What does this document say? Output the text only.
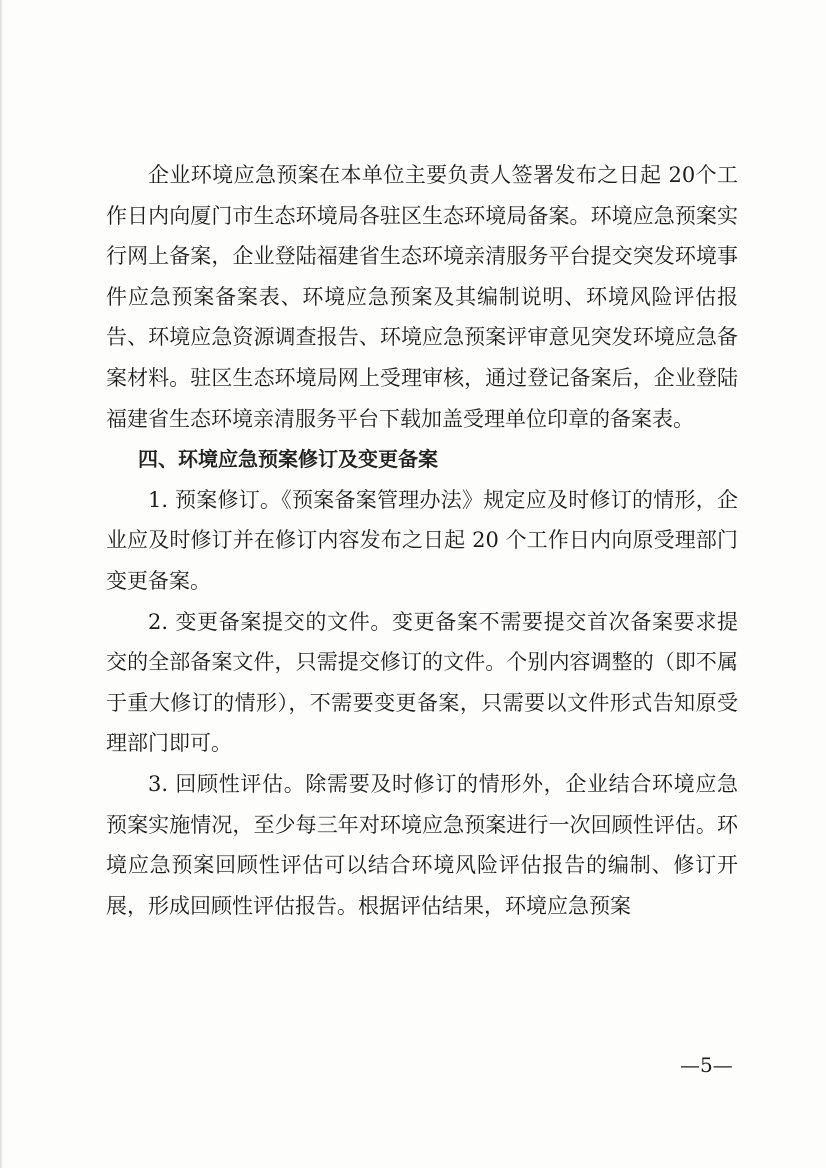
企业环境应急预案在本单位主要负责人签署发布之日起 20个工作日内向厦门市生态环境局各驻区生态环境局备案。环境应急预案实行网上备案，企业登陆福建省生态环境亲清服务平台提交突发环境事件应急预案备案表、环境应急预案及其编制说明、环境风险评估报告、环境应急资源调查报告、环境应急预案评审意见突发环境应急备案材料。驻区生态环境局网上受理审核，通过登记备案后，企业登陆福建省生态环境亲清服务平台下载加盖受理单位印章的备案表。

四、环境应急预案修订及变更备案

1. 预案修订。《预案备案管理办法》规定应及时修订的情形，企业应及时修订并在修订内容发布之日起 20 个工作日内向原受理部门变更备案。

2. 变更备案提交的文件。变更备案不需要提交首次备案要求提交的全部备案文件，只需提交修订的文件。个别内容调整的（即不属于重大修订的情形），不需要变更备案，只需要以文件形式告知原受理部门即可。

3. 回顾性评估。除需要及时修订的情形外，企业结合环境应急预案实施情况，至少每三年对环境应急预案进行一次回顾性评估。环境应急预案回顾性评估可以结合环境风险评估报告的编制、修订开展，形成回顾性评估报告。根据评估结果，环境应急预案

—5—
